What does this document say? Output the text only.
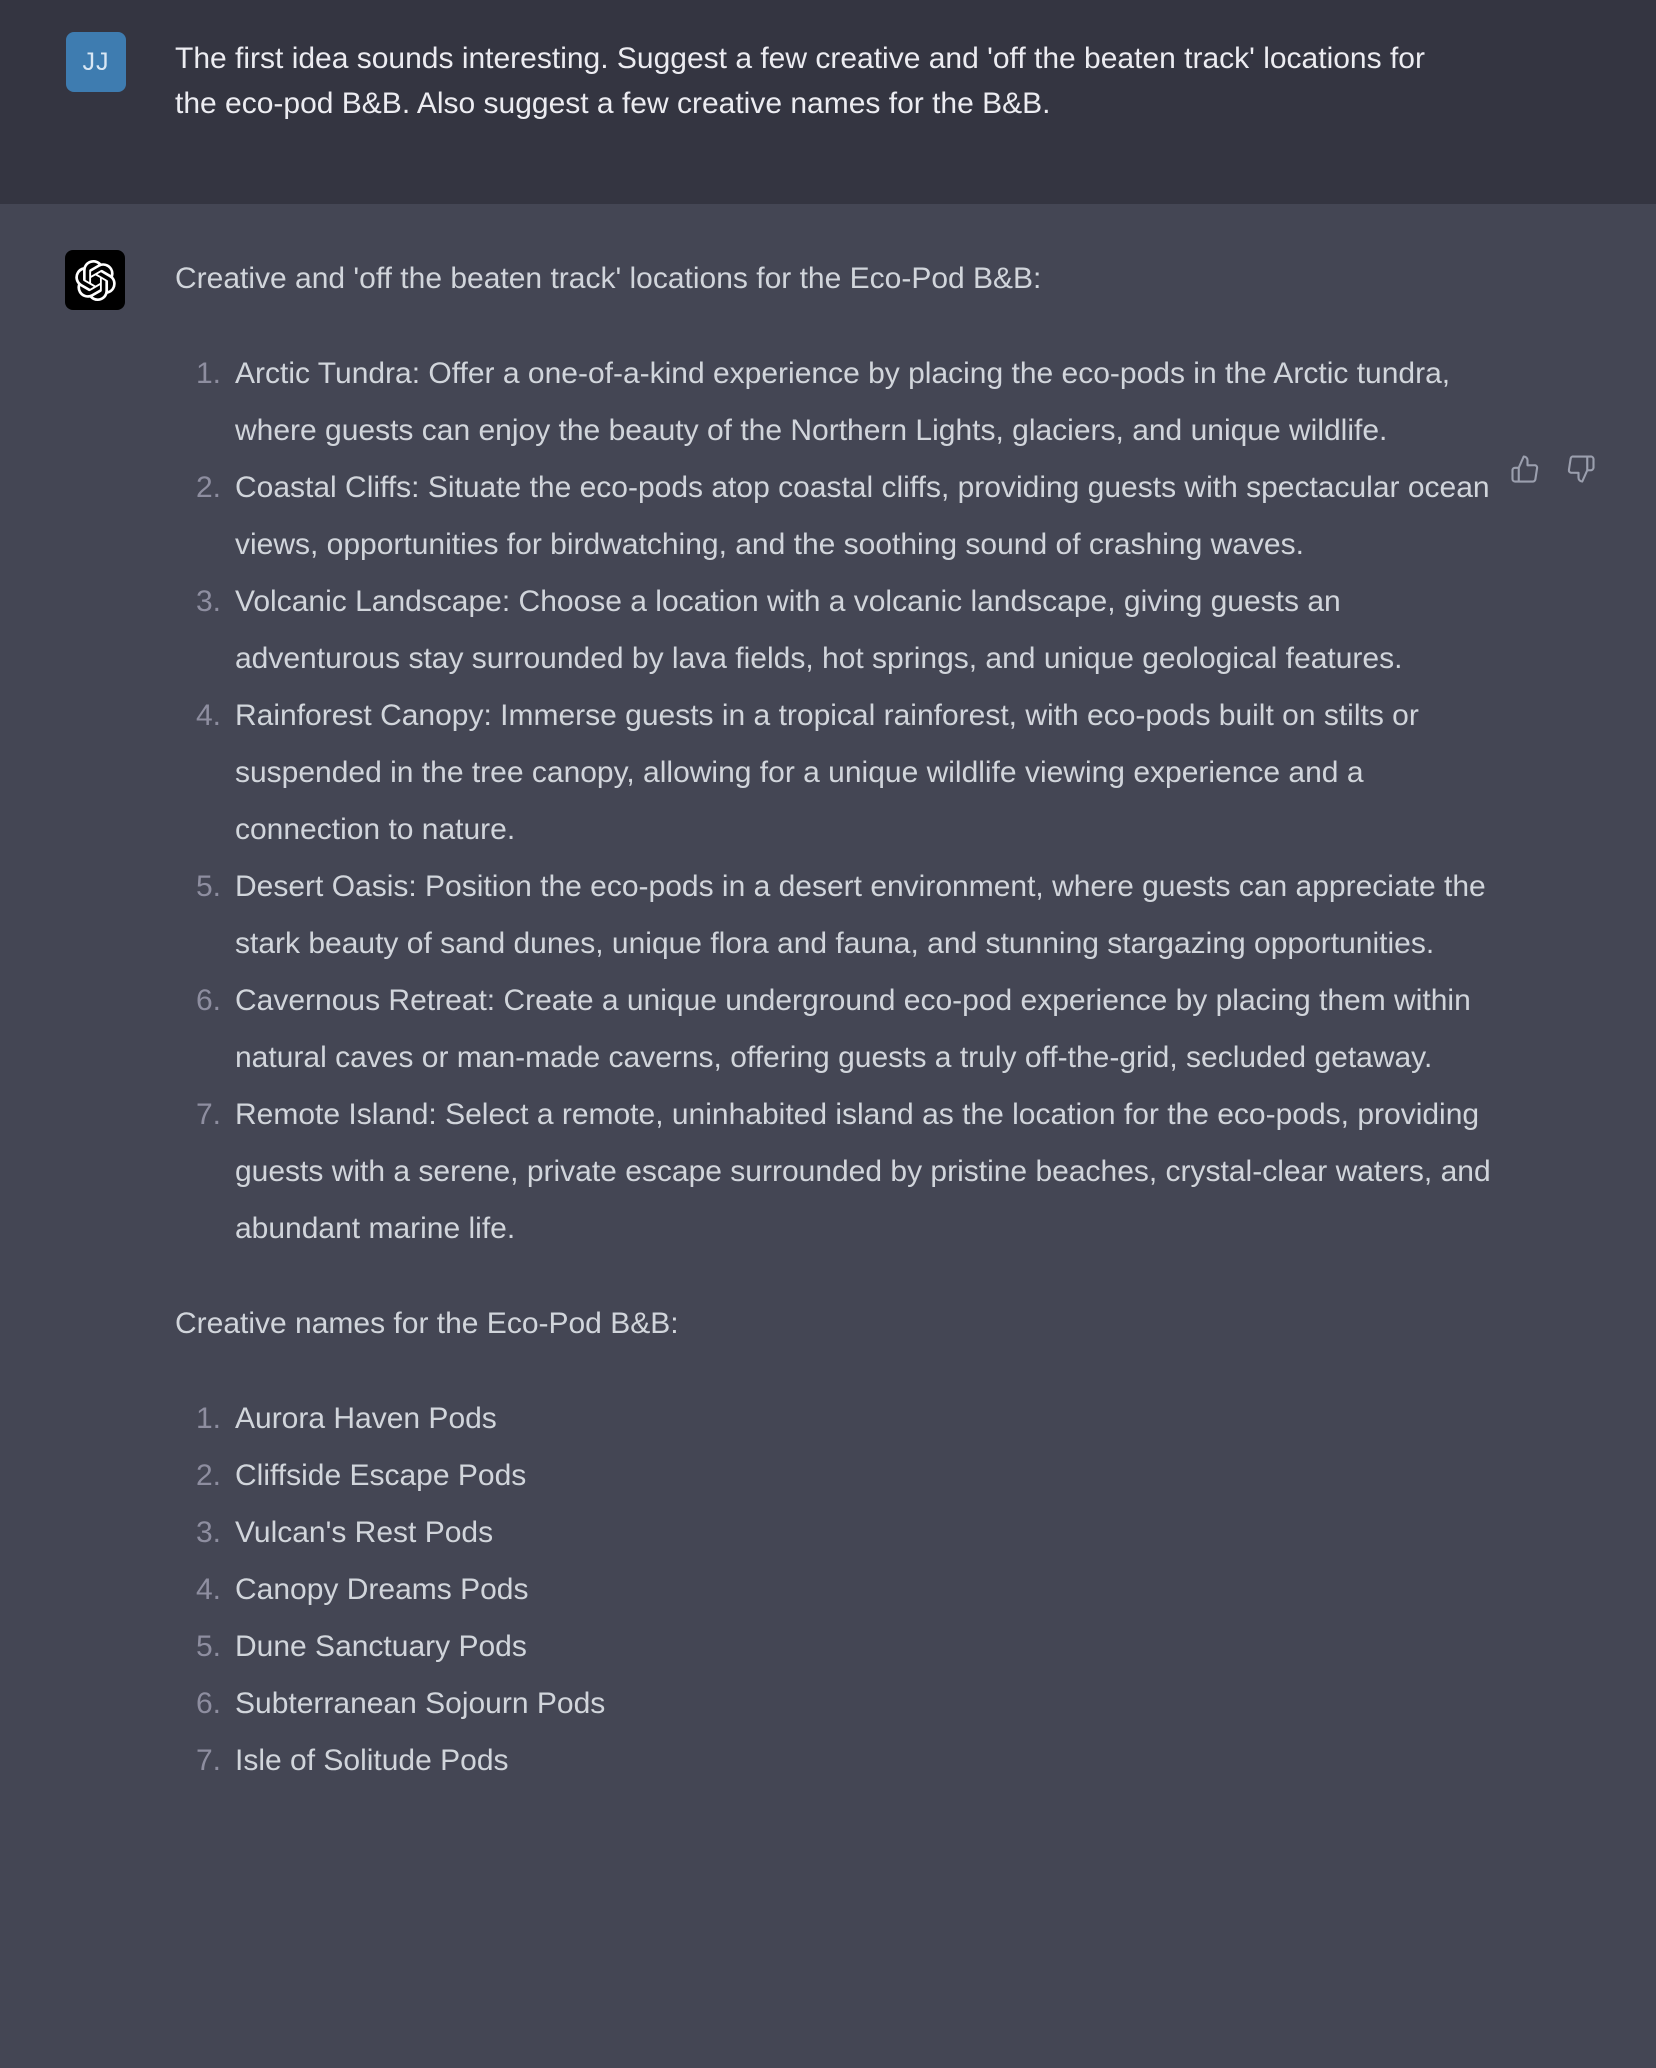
JJ The first idea sounds interesting. Suggest a few creative and 'off the beaten track' locations for the eco-pod B&B. Also suggest a few creative names for the B&B.

Creative and 'off the beaten track' locations for the Eco-Pod B&B:

Arctic Tundra: Offer a one-of-a-kind experience by placing the eco-pods in the Arctic tundra, where guests can enjoy the beauty of the Northern Lights, glaciers, and unique wildlife.
Coastal Cliffs: Situate the eco-pods atop coastal cliffs, providing guests with spectacular ocean views, opportunities for birdwatching, and the soothing sound of crashing waves.
Volcanic Landscape: Choose a location with a volcanic landscape, giving guests an adventurous stay surrounded by lava fields, hot springs, and unique geological features.
Rainforest Canopy: Immerse guests in a tropical rainforest, with eco-pods built on stilts or suspended in the tree canopy, allowing for a unique wildlife viewing experience and a connection to nature.
Desert Oasis: Position the eco-pods in a desert environment, where guests can appreciate the stark beauty of sand dunes, unique flora and fauna, and stunning stargazing opportunities.
Cavernous Retreat: Create a unique underground eco-pod experience by placing them within natural caves or man-made caverns, offering guests a truly off-the-grid, secluded getaway.
Remote Island: Select a remote, uninhabited island as the location for the eco-pods, providing guests with a serene, private escape surrounded by pristine beaches, crystal-clear waters, and abundant marine life.

Creative names for the Eco-Pod B&B:

Aurora Haven Pods
Cliffside Escape Pods
Vulcan's Rest Pods
Canopy Dreams Pods
Dune Sanctuary Pods
Subterranean Sojourn Pods
Isle of Solitude Pods
